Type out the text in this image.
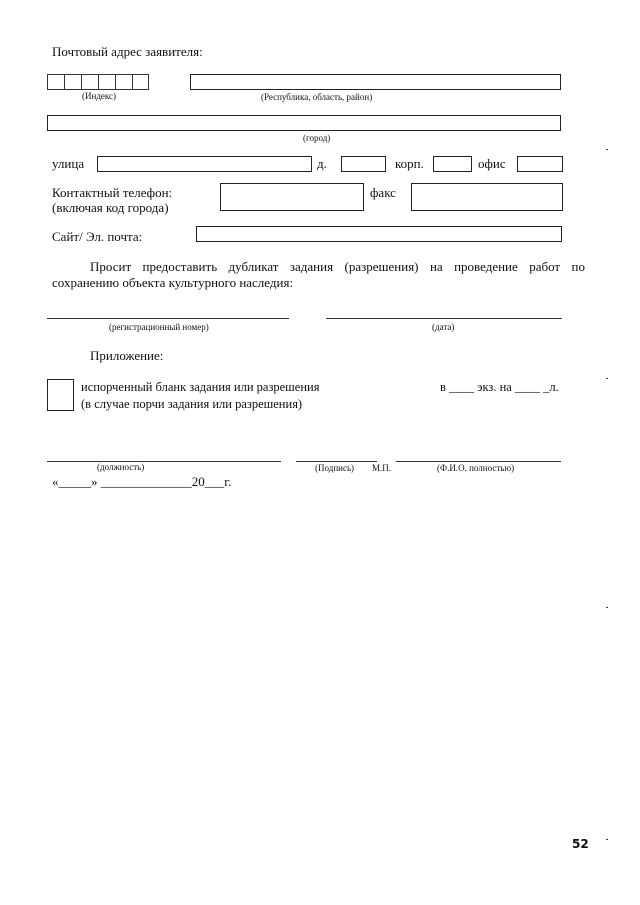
Почтовый адрес заявителя:
(Индекс)	(Республика, область, район)
(город)
улица	д.	корп.	офис
Контактный телефон:
(включая код города)
факс
Сайт/ Эл. почта:
Просит предоставить дубликат задания (разрешения) на проведение работ по
сохранению объекта культурного наследия:
(регистрационный номер)	(дата)
Приложение:
испорченный бланк задания или разрешения
(в случае порчи задания или разрешения)
в ____ экз. на ____ _л.
(должность)	(Подпись) М.П.	(Ф.И.О. полностью)
«_____» ______________20___г.
52
